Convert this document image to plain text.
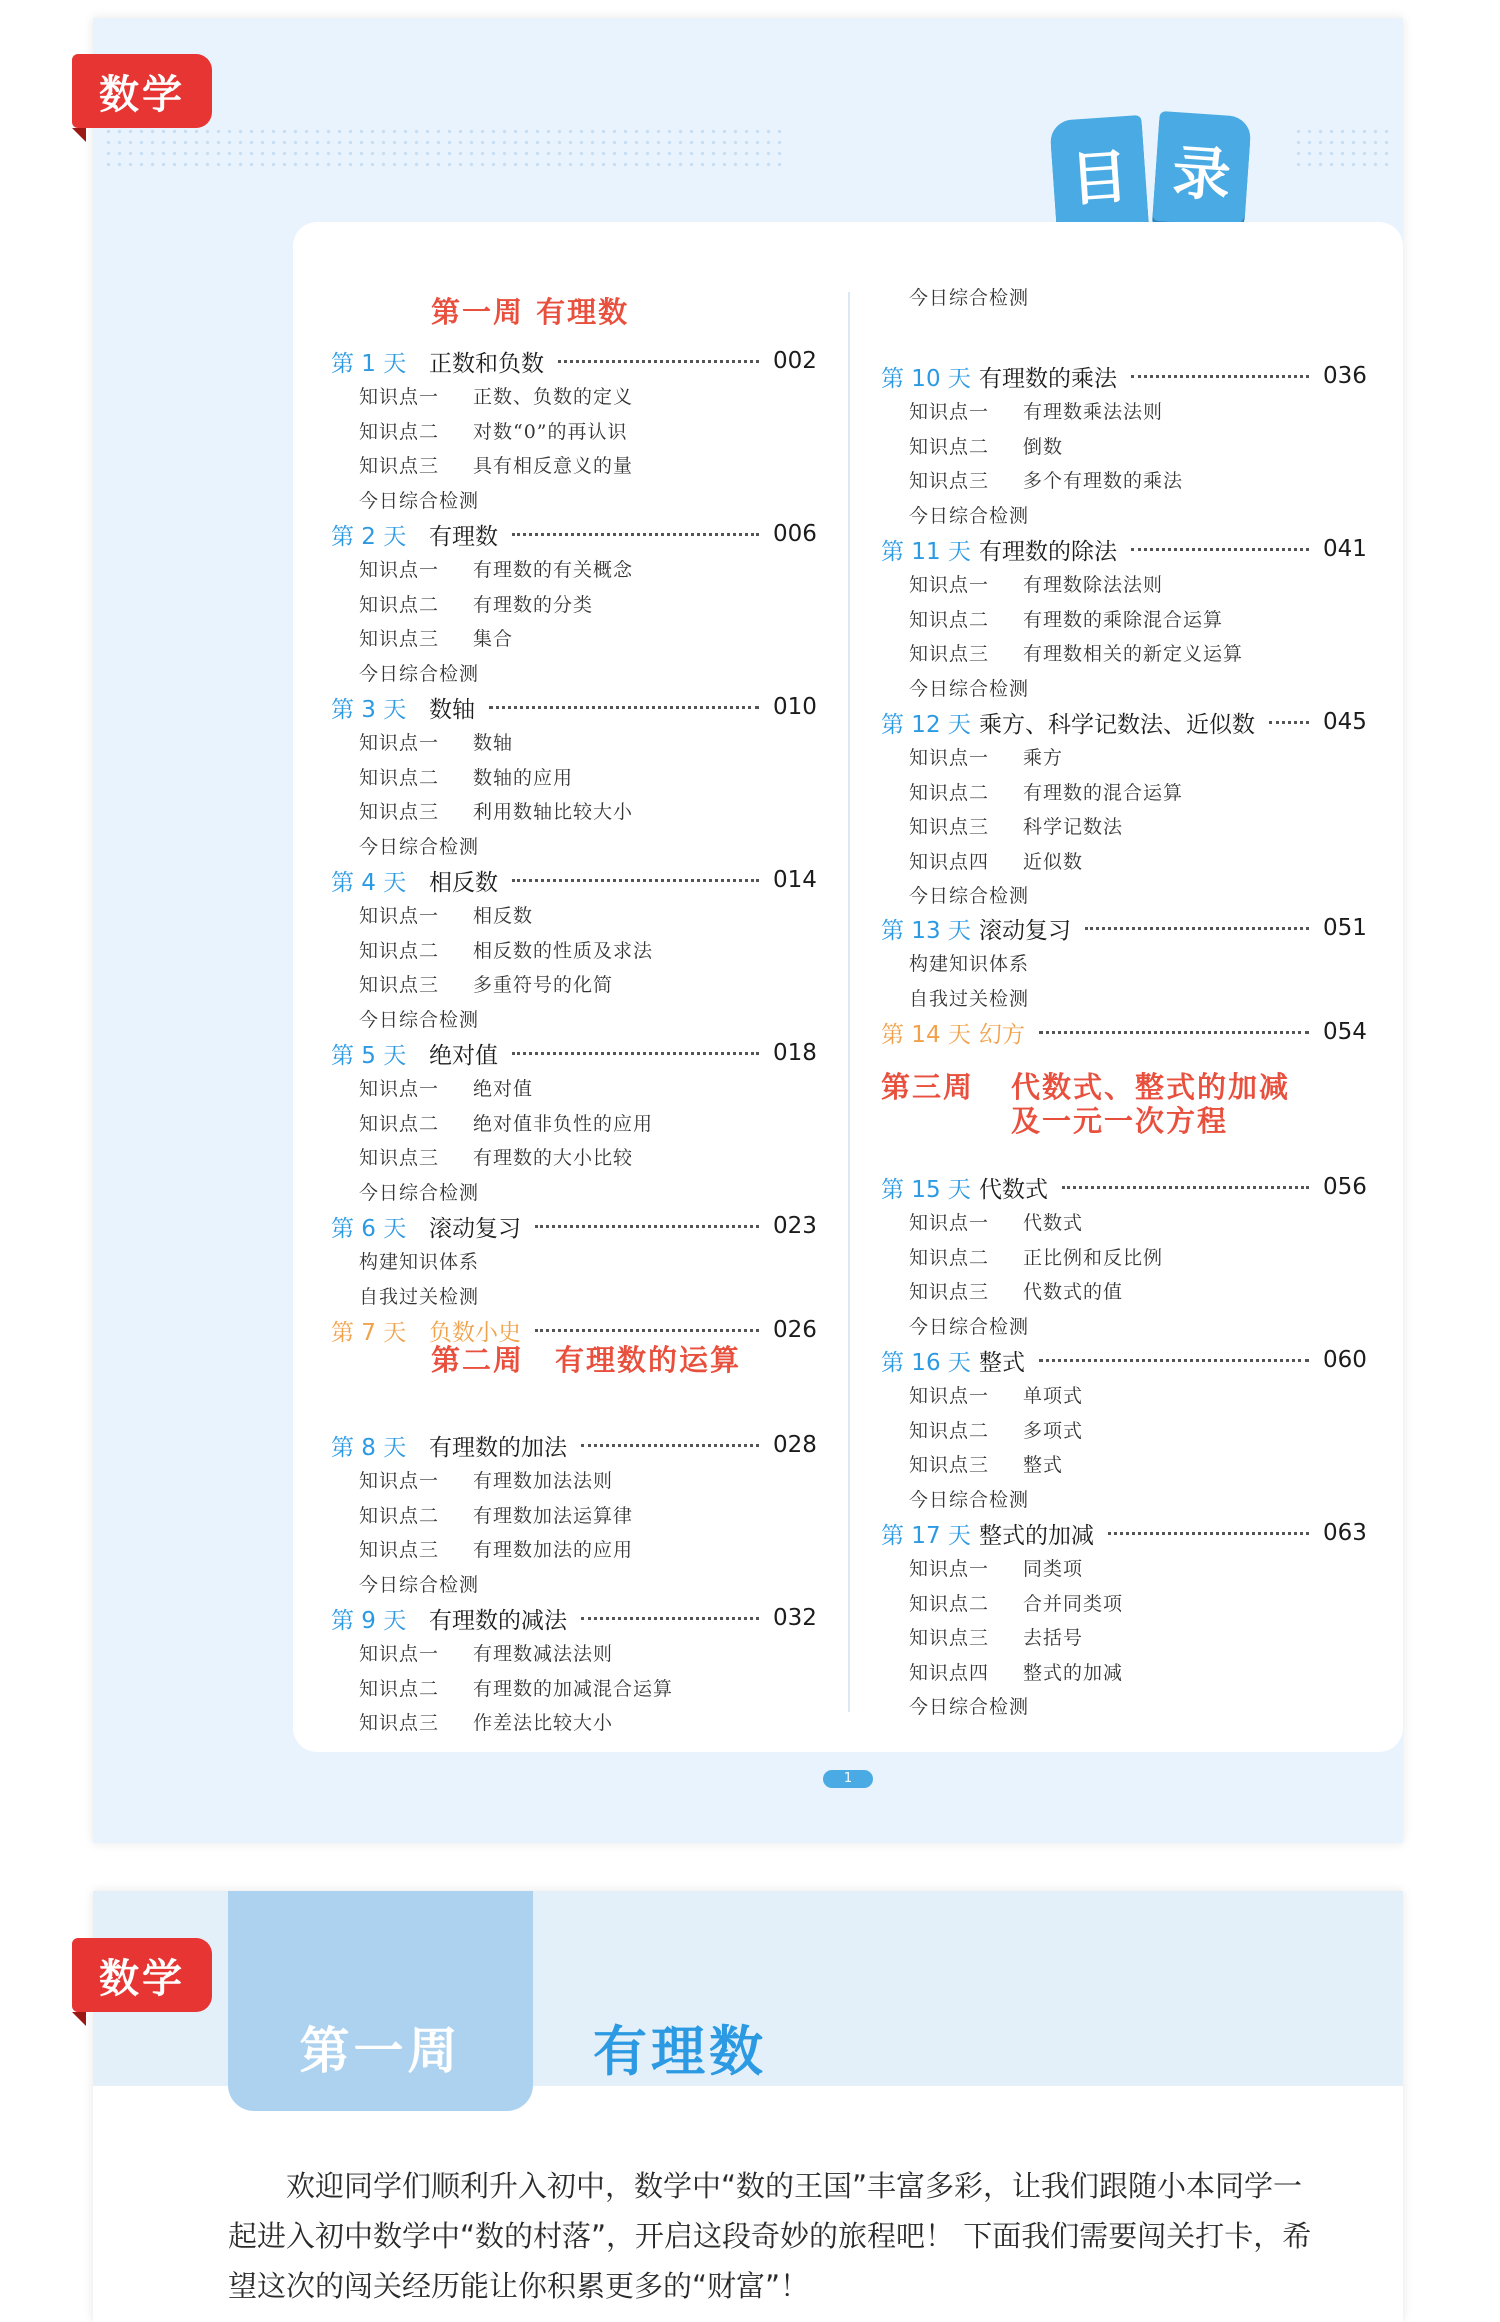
目 录
第一周 有理数
第二周　有理数的运算
第三周 代数式、整式的加减
及一元一次方程
第 1 天 正数和负数	002
知识点一 正数、负数的定义
知识点二 对数“0”的再认识
知识点三 具有相反意义的量
今日综合检测
第 2 天 有理数	006
知识点一 有理数的有关概念
知识点二 有理数的分类
知识点三 集合
今日综合检测
第 3 天 数轴	010
知识点一 数轴
知识点二 数轴的应用
知识点三 利用数轴比较大小
今日综合检测
第 4 天 相反数	014
知识点一 相反数
知识点二 相反数的性质及求法
知识点三 多重符号的化简
今日综合检测
第 5 天 绝对值	018
知识点一 绝对值
知识点二 绝对值非负性的应用
知识点三 有理数的大小比较
今日综合检测
第 6 天 滚动复习	023
构建知识体系
自我过关检测
第 7 天 负数小史	026
第 8 天 有理数的加法	028
知识点一 有理数加法法则
知识点二 有理数加法运算律
知识点三 有理数加法的应用
今日综合检测
第 9 天 有理数的减法	032
知识点一 有理数减法法则
知识点二 有理数的加减混合运算
知识点三 作差法比较大小
今日综合检测
第 10 天 有理数的乘法	036
知识点一 有理数乘法法则
知识点二 倒数
知识点三 多个有理数的乘法
今日综合检测
第 11 天 有理数的除法	041
知识点一 有理数除法法则
知识点二 有理数的乘除混合运算
知识点三 有理数相关的新定义运算
今日综合检测
第 12 天 乘方、科学记数法、近似数	045
知识点一 乘方
知识点二 有理数的混合运算
知识点三 科学记数法
知识点四 近似数
今日综合检测
第 13 天 滚动复习	051
构建知识体系
自我过关检测
第 14 天 幻方	054
第 15 天 代数式	056
知识点一 代数式
知识点二 正比例和反比例
知识点三 代数式的值
今日综合检测
第 16 天 整式	060
知识点一 单项式
知识点二 多项式
知识点三 整式
今日综合检测
第 17 天 整式的加减	063
知识点一 同类项
知识点二 合并同类项
知识点三 去括号
知识点四 整式的加减
今日综合检测
1
数学
第一周	有理数
欢迎同学们顺利升入初中，数学中“数的王国”丰富多彩，让我们跟随小本同学一起进入初中数学中“数的村落”，开启这段奇妙的旅程吧！ 下面我们需要闯关打卡，希望这次的闯关经历能让你积累更多的“财富”！
数学
